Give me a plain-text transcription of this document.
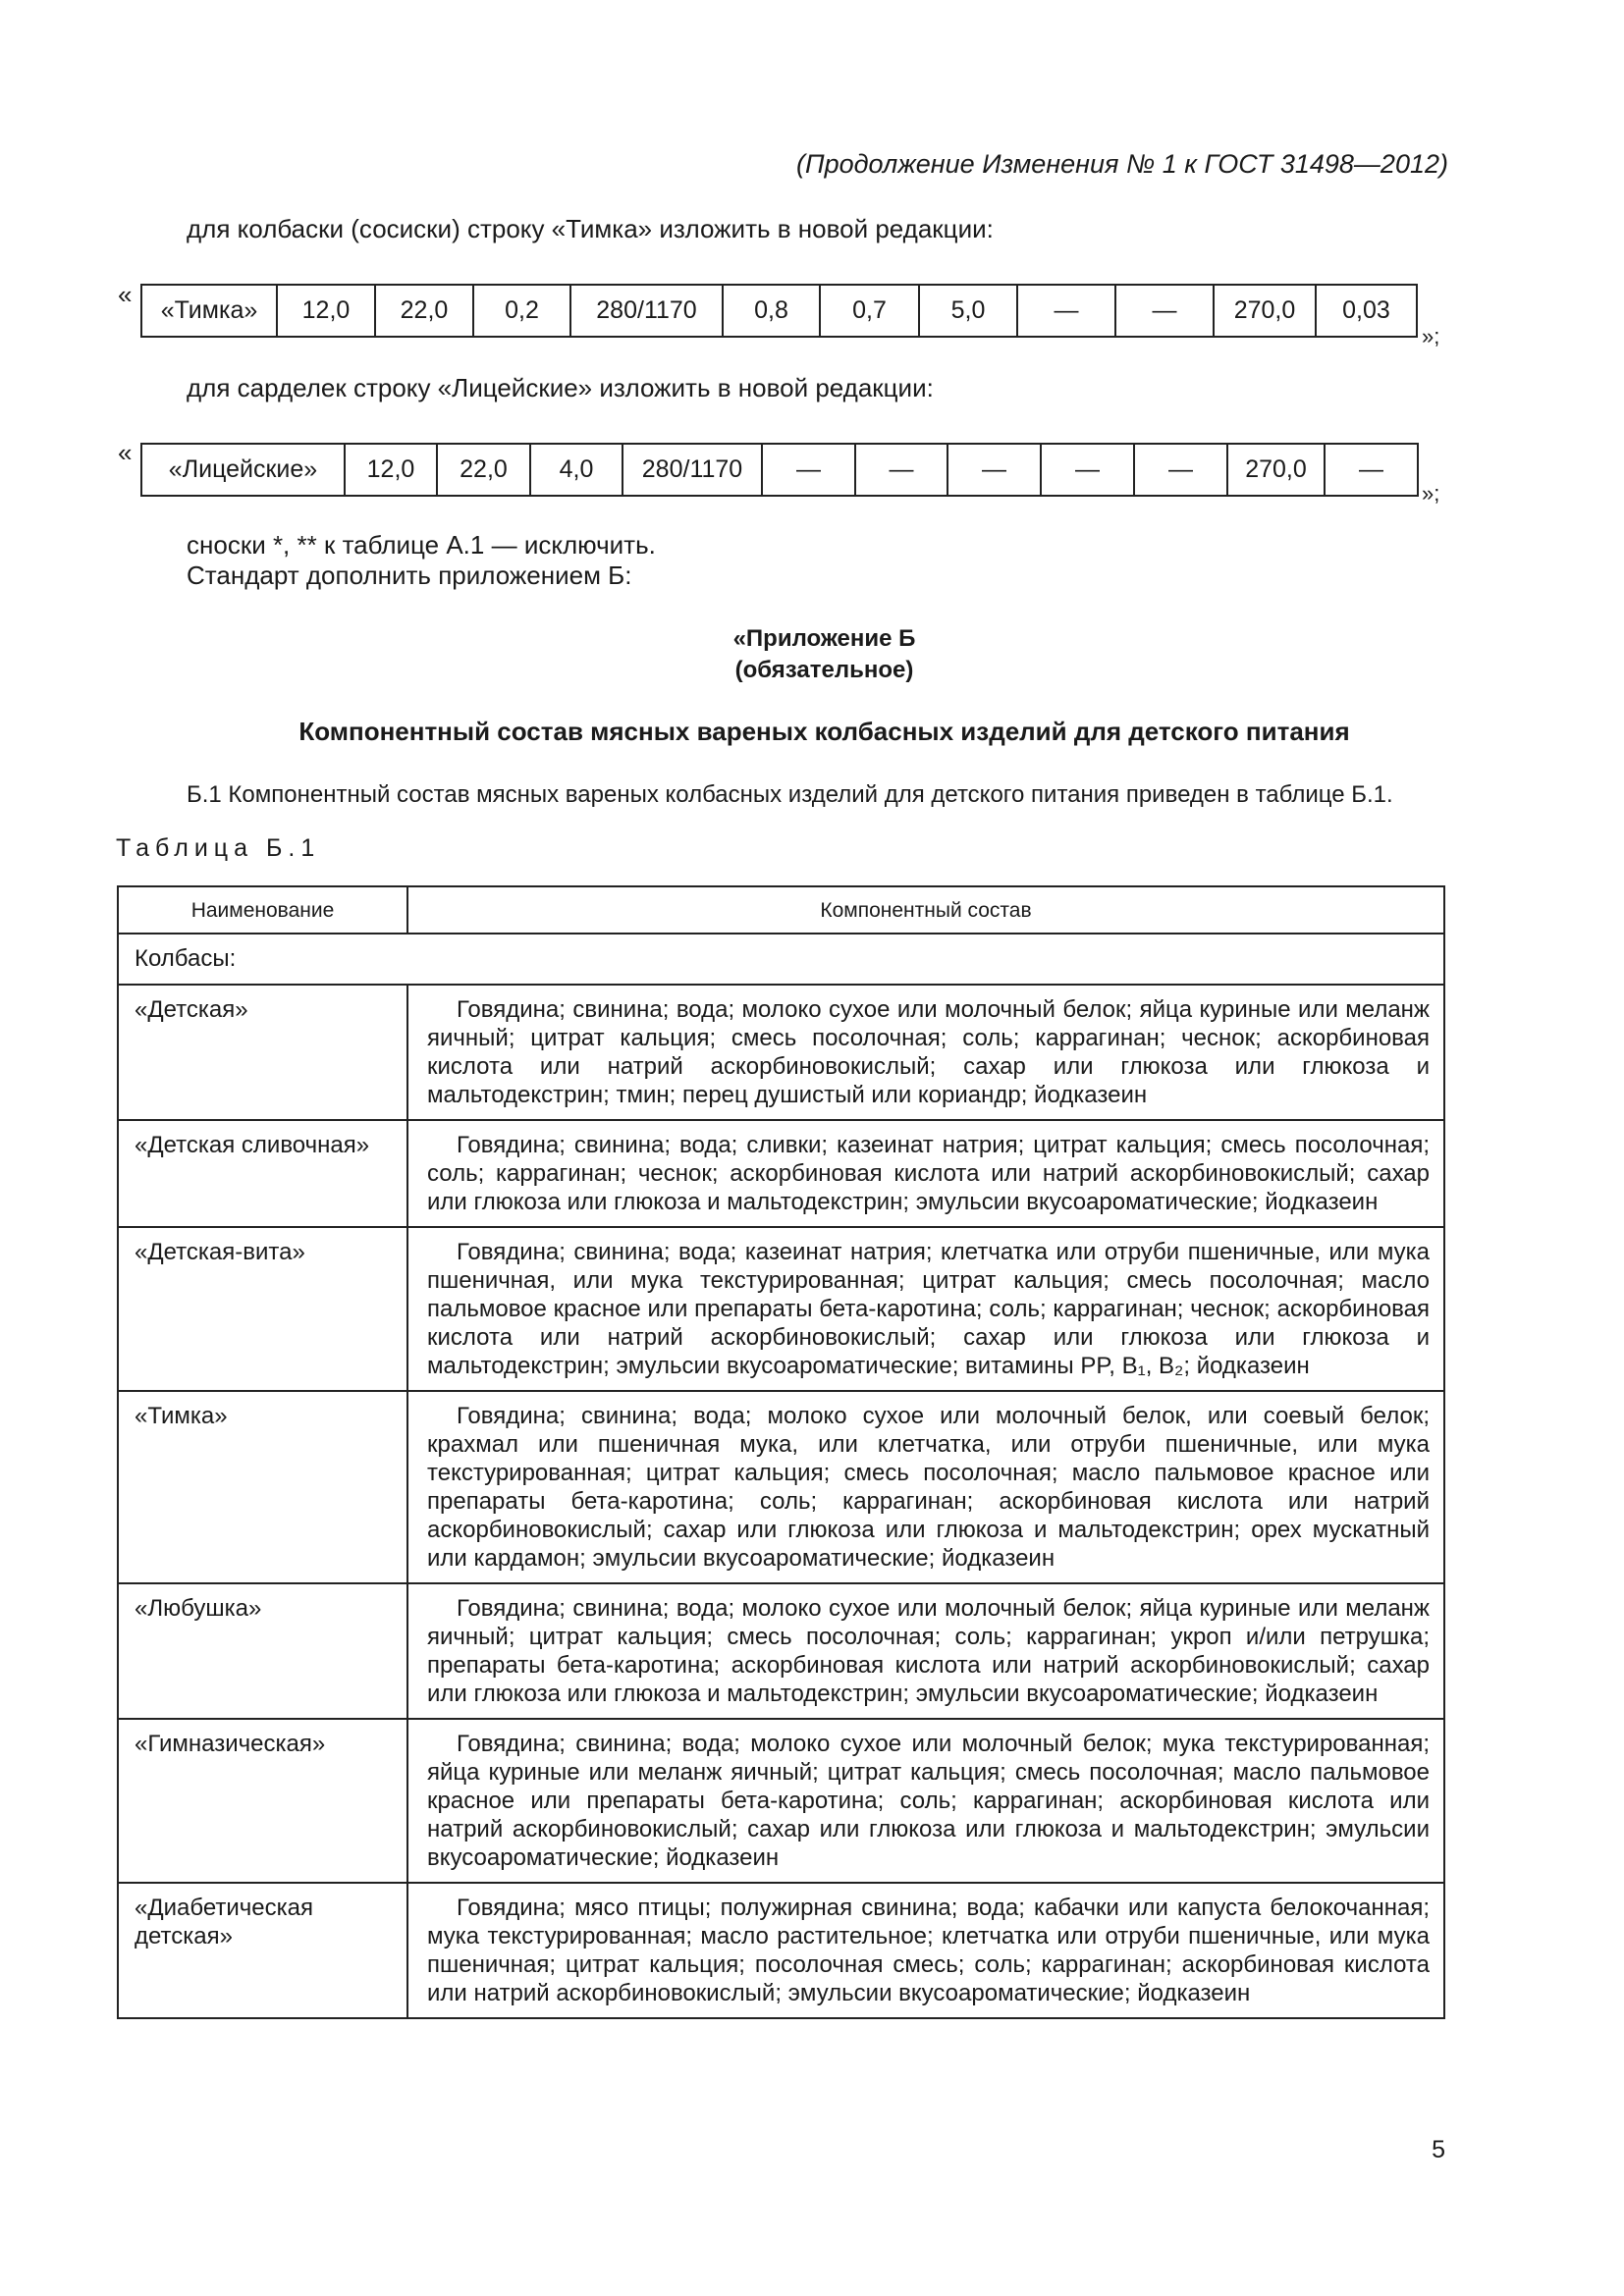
(Продолжение Изменения № 1 к ГОСТ 31498—2012)
для колбаски (сосиски) строку «Тимка» изложить в новой редакции:
«
«Тимка»	12,0	22,0	0,2	280/1170	0,8	0,7	5,0	—	—	270,0	0,03
»;
для сарделек строку «Лицейские» изложить в новой редакции:
«
«Лицейские»	12,0	22,0	4,0	280/1170	—	—	—	—	—	270,0	—
»;
сноски *, ** к таблице А.1 — исключить.
Стандарт дополнить приложением Б:
«Приложение Б
(обязательное)
Компонентный состав мясных вареных колбасных изделий для детского питания
Б.1 Компонентный состав мясных вареных колбасных изделий для детского питания приведен в таблице Б.1.
Таблица Б.1
Наименование	Компонентный состав
Колбасы:	
«Детская»	Говядина; свинина; вода; молоко сухое или молочный белок; яйца куриные или меланж яичный; цитрат кальция; смесь посолочная; соль; каррагинан; чеснок; аскорбиновая кислота или натрий аскорбиновокислый; сахар или глюкоза или глюкоза и мальтодекстрин; тмин; перец душистый или кориандр; йодказеин
«Детская сливочная»	Говядина; свинина; вода; сливки; казеинат натрия; цитрат кальция; смесь посолочная; соль; каррагинан; чеснок; аскорбиновая кислота или натрий аскорбиновокислый; сахар или глюкоза или глюкоза и мальтодекстрин; эмульсии вкусоароматические; йодказеин
«Детская-вита»	Говядина; свинина; вода; казеинат натрия; клетчатка или отруби пшеничные, или мука пшеничная, или мука текстурированная; цитрат кальция; смесь посолочная; масло пальмовое красное или препараты бета-каротина; соль; каррагинан; чеснок; аскорбиновая кислота или натрий аскорбиновокислый; сахар или глюкоза или глюкоза и мальтодекстрин; эмульсии вкусоароматические; витамины PP, B₁, B₂; йодказеин
«Тимка»	Говядина; свинина; вода; молоко сухое или молочный белок, или соевый белок; крахмал или пшеничная мука, или клетчатка, или отруби пшеничные, или мука текстурированная; цитрат кальция; смесь посолочная; масло пальмовое красное или препараты бета-каротина; соль; каррагинан; аскорбиновая кислота или натрий аскорбиновокислый; сахар или глюкоза или глюкоза и мальтодекстрин; орех мускатный или кардамон; эмульсии вкусоароматические; йодказеин
«Любушка»	Говядина; свинина; вода; молоко сухое или молочный белок; яйца куриные или меланж яичный; цитрат кальция; смесь посолочная; соль; каррагинан; укроп и/или петрушка; препараты бета-каротина; аскорбиновая кислота или натрий аскорбиновокислый; сахар или глюкоза или глюкоза и мальтодекстрин; эмульсии вкусоароматические; йодказеин
«Гимназическая»	Говядина; свинина; вода; молоко сухое или молочный белок; мука текстурированная; яйца куриные или меланж яичный; цитрат кальция; смесь посолочная; масло пальмовое красное или препараты бета-каротина; соль; каррагинан; аскорбиновая кислота или натрий аскорбиновокислый; сахар или глюкоза или глюкоза и мальтодекстрин; эмульсии вкусоароматические; йодказеин
«Диабетическая детская»	Говядина; мясо птицы; полужирная свинина; вода; кабачки или капуста белокочанная; мука текстурированная; масло растительное; клетчатка или отруби пшеничные, или мука пшеничная; цитрат кальция; посолочная смесь; соль; каррагинан; аскорбиновая кислота или натрий аскорбиновокислый; эмульсии вкусоароматические; йодказеин
5
